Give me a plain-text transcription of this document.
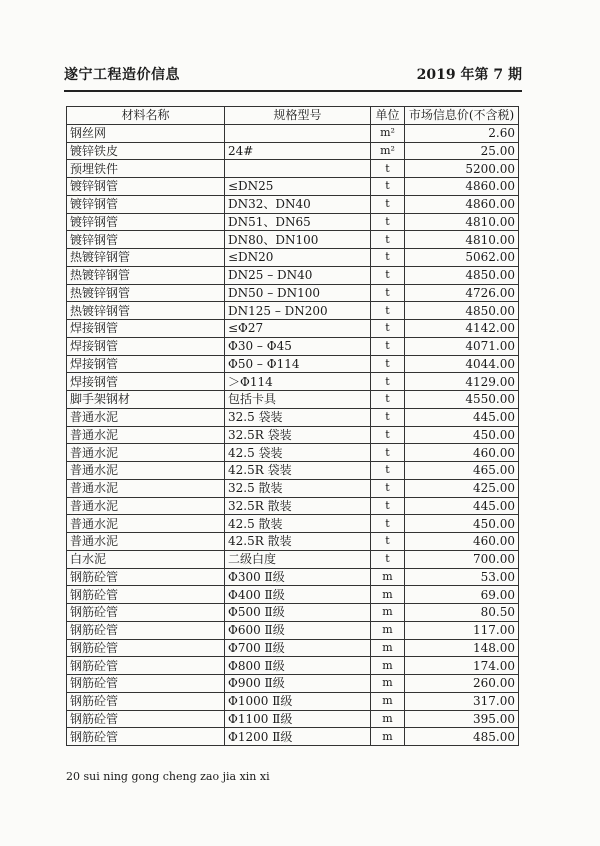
遂宁工程造价信息	2019 年第 7 期
材料名称	规格型号	单位	市场信息价(不含税)
钢丝网		m²	2.60
镀锌铁皮	24#	m²	25.00
预埋铁件		t	5200.00
镀锌钢管	≤DN25	t	4860.00
镀锌钢管	DN32、DN40	t	4860.00
镀锌钢管	DN51、DN65	t	4810.00
镀锌钢管	DN80、DN100	t	4810.00
热镀锌钢管	≤DN20	t	5062.00
热镀锌钢管	DN25 – DN40	t	4850.00
热镀锌钢管	DN50 – DN100	t	4726.00
热镀锌钢管	DN125 – DN200	t	4850.00
焊接钢管	≤Φ27	t	4142.00
焊接钢管	Φ30 – Φ45	t	4071.00
焊接钢管	Φ50 – Φ114	t	4044.00
焊接钢管	＞Φ114	t	4129.00
脚手架钢材	包括卡具	t	4550.00
普通水泥	32.5 袋装	t	445.00
普通水泥	32.5R 袋装	t	450.00
普通水泥	42.5 袋装	t	460.00
普通水泥	42.5R 袋装	t	465.00
普通水泥	32.5 散装	t	425.00
普通水泥	32.5R 散装	t	445.00
普通水泥	42.5 散装	t	450.00
普通水泥	42.5R 散装	t	460.00
白水泥	二级白度	t	700.00
钢筋砼管	Φ300 Ⅱ级	m	53.00
钢筋砼管	Φ400 Ⅱ级	m	69.00
钢筋砼管	Φ500 Ⅱ级	m	80.50
钢筋砼管	Φ600 Ⅱ级	m	117.00
钢筋砼管	Φ700 Ⅱ级	m	148.00
钢筋砼管	Φ800 Ⅱ级	m	174.00
钢筋砼管	Φ900 Ⅱ级	m	260.00
钢筋砼管	Φ1000 Ⅱ级	m	317.00
钢筋砼管	Φ1100 Ⅱ级	m	395.00
钢筋砼管	Φ1200 Ⅱ级	m	485.00
20 sui ning gong cheng zao jia xin xi
